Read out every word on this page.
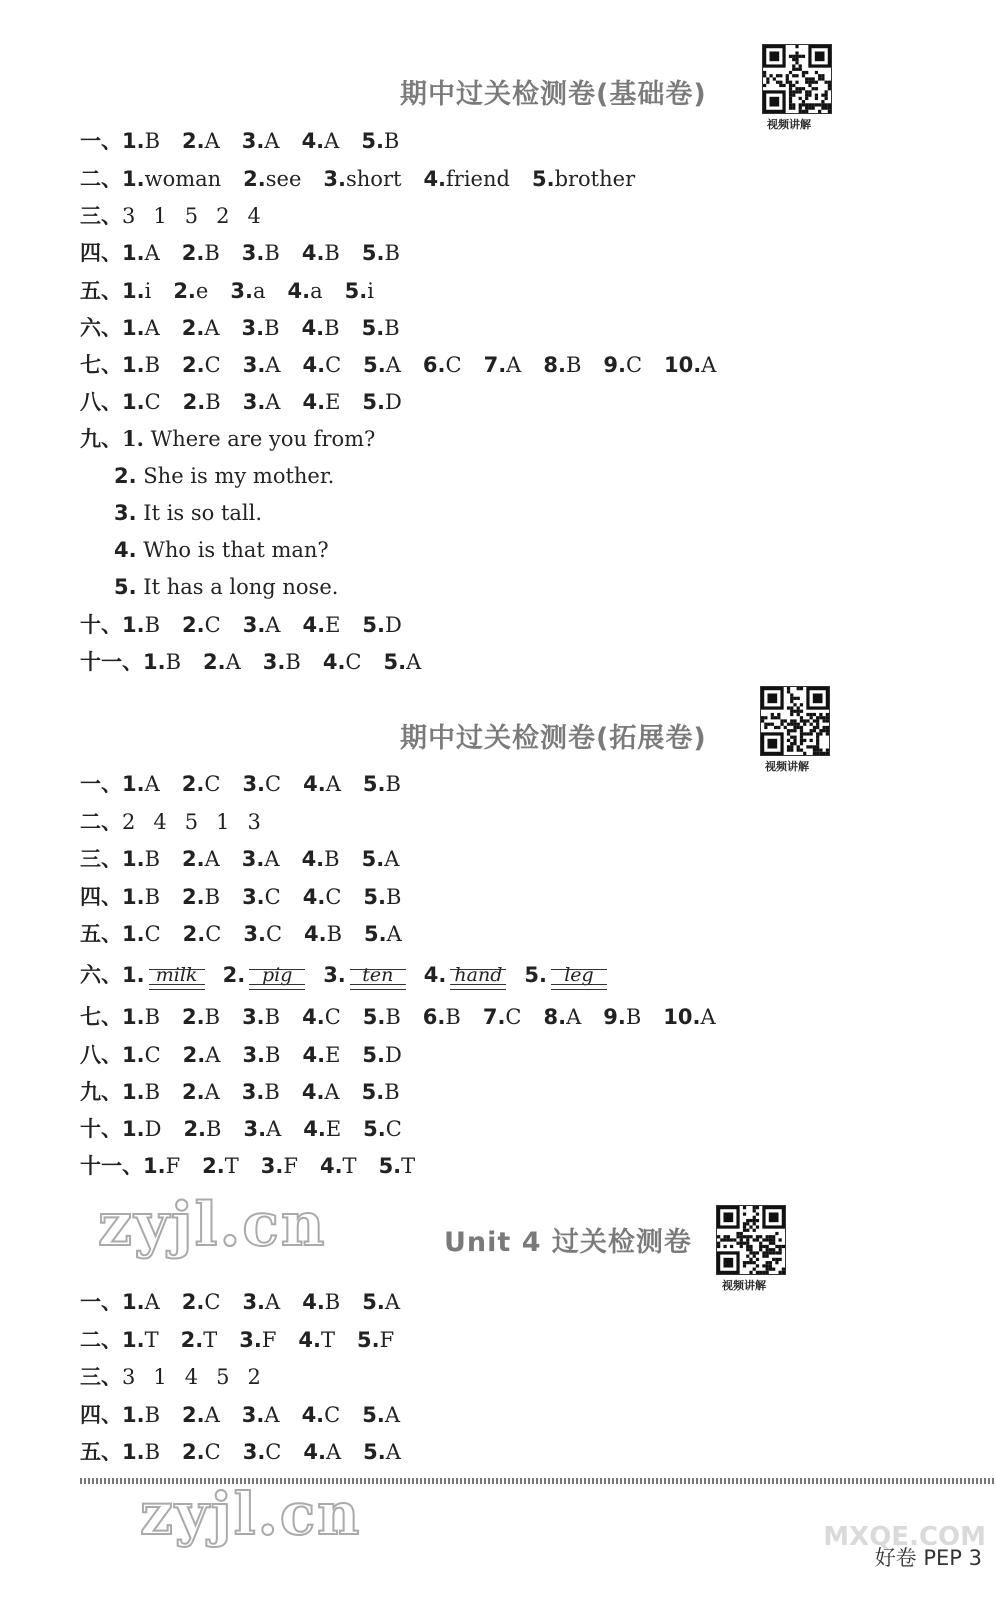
期中过关检测卷(基础卷)
视频讲解
一、1.B 2.A 3.A 4.A 5.B
二、1.woman 2.see 3.short 4.friend 5.brother
三、3 1 5 2 4
四、1.A 2.B 3.B 4.B 5.B
五、1.i 2.e 3.a 4.a 5.i
六、1.A 2.A 3.B 4.B 5.B
七、1.B 2.C 3.A 4.C 5.A 6.C 7.A 8.B 9.C 10.A
八、1.C 2.B 3.A 4.E 5.D
九、1. Where are you from?
十、1.B 2.C 3.A 4.E 5.D
十一、1.B 2.A 3.B 4.C 5.A
期中过关检测卷(拓展卷)
视频讲解
一、1.A 2.C 3.C 4.A 5.B
二、2 4 5 1 3
三、1.B 2.A 3.A 4.B 5.A
四、1.B 2.B 3.C 4.C 5.B
五、1.C 2.C 3.C 4.B 5.A
六、1. milk 2. pig 3. ten 4. hand 5. leg
七、1.B 2.B 3.B 4.C 5.B 6.B 7.C 8.A 9.B 10.A
八、1.C 2.A 3.B 4.E 5.D
九、1.B 2.A 3.B 4.A 5.B
十、1.D 2.B 3.A 4.E 5.C
十一、1.F 2.T 3.F 4.T 5.T
zyjl.cn	Unit 4 过关检测卷
视频讲解
一、1.A 2.C 3.A 4.B 5.A
二、1.T 2.T 3.F 4.T 5.F
三、3 1 4 5 2
四、1.B 2.A 3.A 4.C 5.A
五、1.B 2.C 3.C 4.A 5.A
zyjl.cn	MXQE.COM
好卷 PEP 3
2. She is my mother.
3. It is so tall.
4. Who is that man?
5. It has a long nose.
